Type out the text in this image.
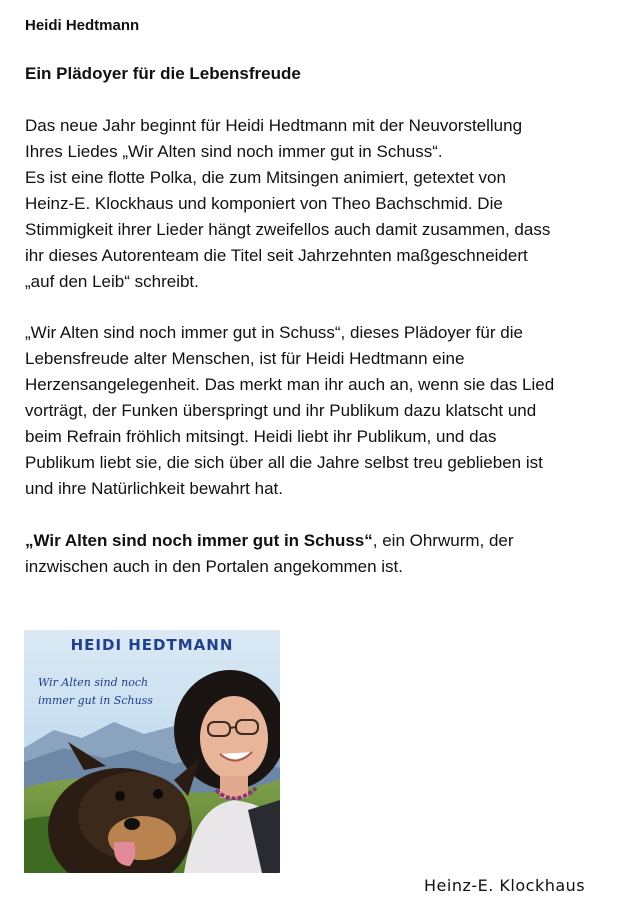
Heidi Hedtmann
Ein Plädoyer für die Lebensfreude

Das neue Jahr beginnt für Heidi Hedtmann mit der Neuvorstellung
Ihres Liedes „Wir Alten sind noch immer gut in Schuss“.
Es ist eine flotte Polka, die zum Mitsingen animiert, getextet von
Heinz-E. Klockhaus und komponiert von Theo Bachschmid. Die
Stimmigkeit ihrer Lieder hängt zweifellos auch damit zusammen, dass
ihr dieses Autorenteam die Titel seit Jahrzehnten maßgeschneidert
„auf den Leib“ schreibt.

„Wir Alten sind noch immer gut in Schuss“, dieses Plädoyer für die
Lebensfreude alter Menschen, ist für Heidi Hedtmann eine
Herzensangelegenheit. Das merkt man ihr auch an, wenn sie das Lied
vorträgt, der Funken überspringt und ihr Publikum dazu klatscht und
beim Refrain fröhlich mitsingt. Heidi liebt ihr Publikum, und das
Publikum liebt sie, die sich über all die Jahre selbst treu geblieben ist
und ihre Natürlichkeit bewahrt hat.

„Wir Alten sind noch immer gut in Schuss“, ein Ohrwurm, der
inzwischen auch in den Portalen angekommen ist.

HEIDI HEDTMANN
Wir Alten sind noch
immer gut in Schuss
Heinz-E. Klockhaus
